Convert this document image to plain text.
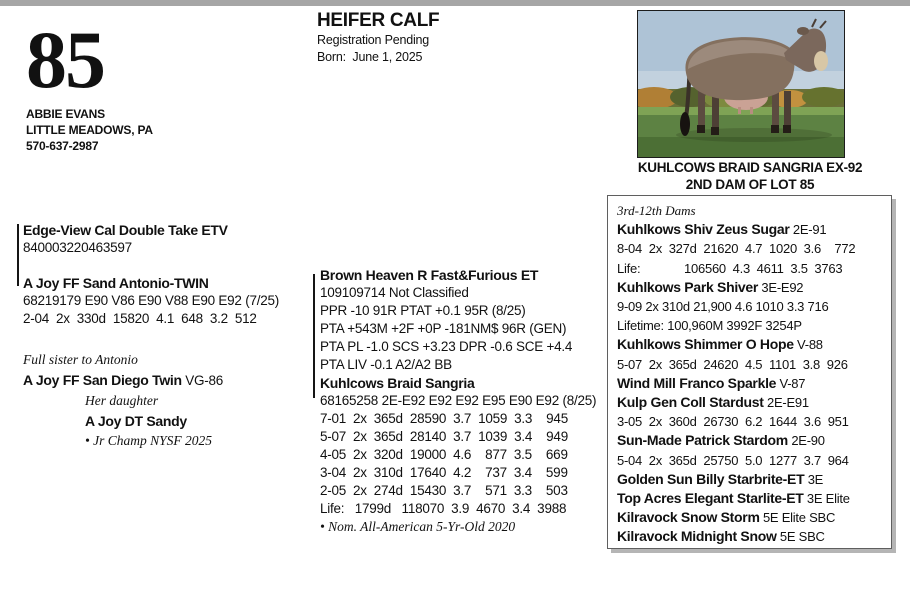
85
ABBIE EVANS
LITTLE MEADOWS, PA
570-637-2987
HEIFER CALF
Registration Pending
Born:  June 1, 2025
KUHLCOWS BRAID SANGRIA EX-92
2ND DAM OF LOT 85
Edge-View Cal Double Take ETV
840003220463597
A Joy FF Sand Antonio-TWIN
68219179 E90 V86 E90 V88 E90 E92 (7/25)
2-04  2x  330d  15820  4.1  648  3.2  512
Full sister to Antonio
A Joy FF San Diego Twin VG-86
Her daughter
A Joy DT Sandy
• Jr Champ NYSF 2025
Brown Heaven R Fast&Furious ET
109109714 Not Classified
PPR -10 91R PTAT +0.1 95R (8/25)
PTA +543M +2F +0P -181NM$ 96R (GEN)
PTA PL -1.0 SCS +3.23 DPR -0.6 SCE +4.4
PTA LIV -0.1 A2/A2 BB
Kuhlcows Braid Sangria
68165258 2E-E92 E92 E92 E95 E90 E92 (8/25)
7-01  2x  365d  28590  3.7  1059  3.3    945
5-07  2x  365d  28140  3.7  1039  3.4    949
4-05  2x  320d  19000  4.6    877  3.5    669
3-04  2x  310d  17640  4.2    737  3.4    599
2-05  2x  274d  15430  3.7    571  3.3    503
Life:   1799d   118070  3.9  4670  3.4  3988
• Nom. All-American 5-Yr-Old 2020
3rd-12th Dams
Kuhlkows Shiv Zeus Sugar 2E-91
8-04  2x  327d  21620  4.7  1020  3.6    772
Life:             106560  4.3  4611  3.5  3763
Kuhlkows Park Shiver 3E-E92
9-09 2x 310d 21,900 4.6 1010 3.3 716
Lifetime: 100,960M 3992F 3254P
Kuhlkows Shimmer O Hope V-88
5-07  2x  365d  24620  4.5  1101  3.8  926
Wind Mill Franco Sparkle V-87
Kulp Gen Coll Stardust 2E-E91
3-05  2x  360d  26730  6.2  1644  3.6  951
Sun-Made Patrick Stardom 2E-90
5-04  2x  365d  25750  5.0  1277  3.7  964
Golden Sun Billy Starbrite-ET 3E
Top Acres Elegant Starlite-ET 3E Elite
Kilravock Snow Storm 5E Elite SBC
Kilravock Midnight Snow 5E SBC
